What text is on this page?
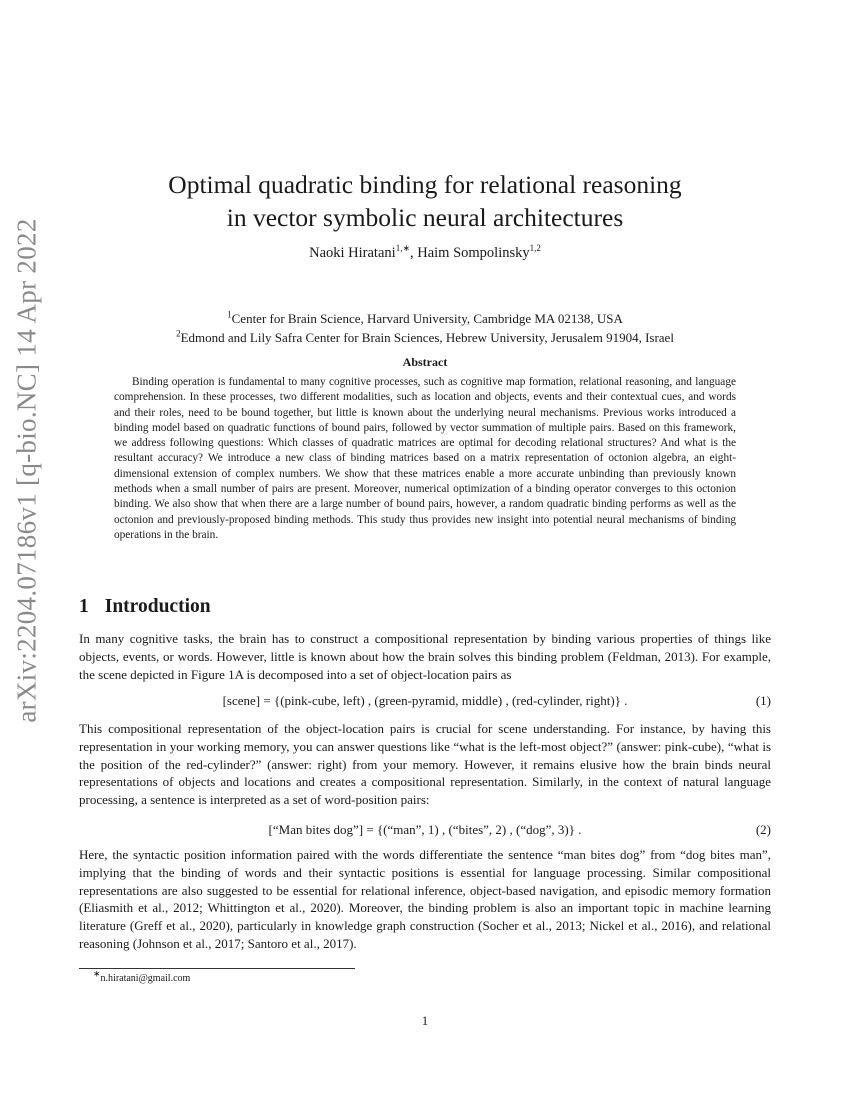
arXiv:2204.07186v1 [q-bio.NC] 14 Apr 2022
Optimal quadratic binding for relational reasoning
in vector symbolic neural architectures
Naoki Hiratani$^{1,∗}$, Haim Sompolinsky$^{1,2}$
$^1$Center for Brain Science, Harvard University, Cambridge MA 02138, USA
$^2$Edmond and Lily Safra Center for Brain Sciences, Hebrew University, Jerusalem 91904, Israel
Abstract

Binding operation is fundamental to many cognitive processes, such as cognitive map formation, relational reasoning, and language comprehension. In these processes, two different modalities, such as location and objects, events and their contextual cues, and words and their roles, need to be bound together, but little is known about the underlying neural mechanisms. Previous works introduced a binding model based on quadratic functions of bound pairs, followed by vector summation of multiple pairs. Based on this framework, we address following questions: Which classes of quadratic matrices are optimal for decoding relational structures? And what is the resultant accuracy? We introduce a new class of binding matrices based on a matrix representation of octonion algebra, an eight-dimensional extension of complex numbers. We show that these matrices enable a more accurate unbinding than previously known methods when a small number of pairs are present. Moreover, numerical optimization of a binding operator converges to this octonion binding. We also show that when there are a large number of bound pairs, however, a random quadratic binding performs as well as the octonion and previously-proposed binding methods. This study thus provides new insight into potential neural mechanisms of binding operations in the brain.

1 Introduction

In many cognitive tasks, the brain has to construct a compositional representation by binding various properties of things like objects, events, or words. However, little is known about how the brain solves this binding problem (Feldman, 2013). For example, the scene depicted in Figure 1A is decomposed into a set of object-location pairs as

[scene] = {(pink-cube, left) , (green-pyramid, middle) , (red-cylinder, right)} .	(1)

This compositional representation of the object-location pairs is crucial for scene understanding. For instance, by having this representation in your working memory, you can answer questions like “what is the left-most object?” (answer: pink-cube), “what is the position of the red-cylinder?” (answer: right) from your memory. However, it remains elusive how the brain binds neural representations of objects and locations and creates a compositional representation. Similarly, in the context of natural language processing, a sentence is interpreted as a set of word-position pairs:

[“Man bites dog”] = {(“man”, 1) , (“bites”, 2) , (“dog”, 3)} .	(2)

Here, the syntactic position information paired with the words differentiate the sentence “man bites dog” from “dog bites man”, implying that the binding of words and their syntactic positions is essential for language processing. Similar compositional representations are also suggested to be essential for relational inference, object-based navigation, and episodic memory formation (Eliasmith et al., 2012; Whittington et al., 2020). Moreover, the binding problem is also an important topic in machine learning literature (Greff et al., 2020), particularly in knowledge graph construction (Socher et al., 2013; Nickel et al., 2016), and relational reasoning (Johnson et al., 2017; Santoro et al., 2017).

∗n.hiratani@gmail.com
1
